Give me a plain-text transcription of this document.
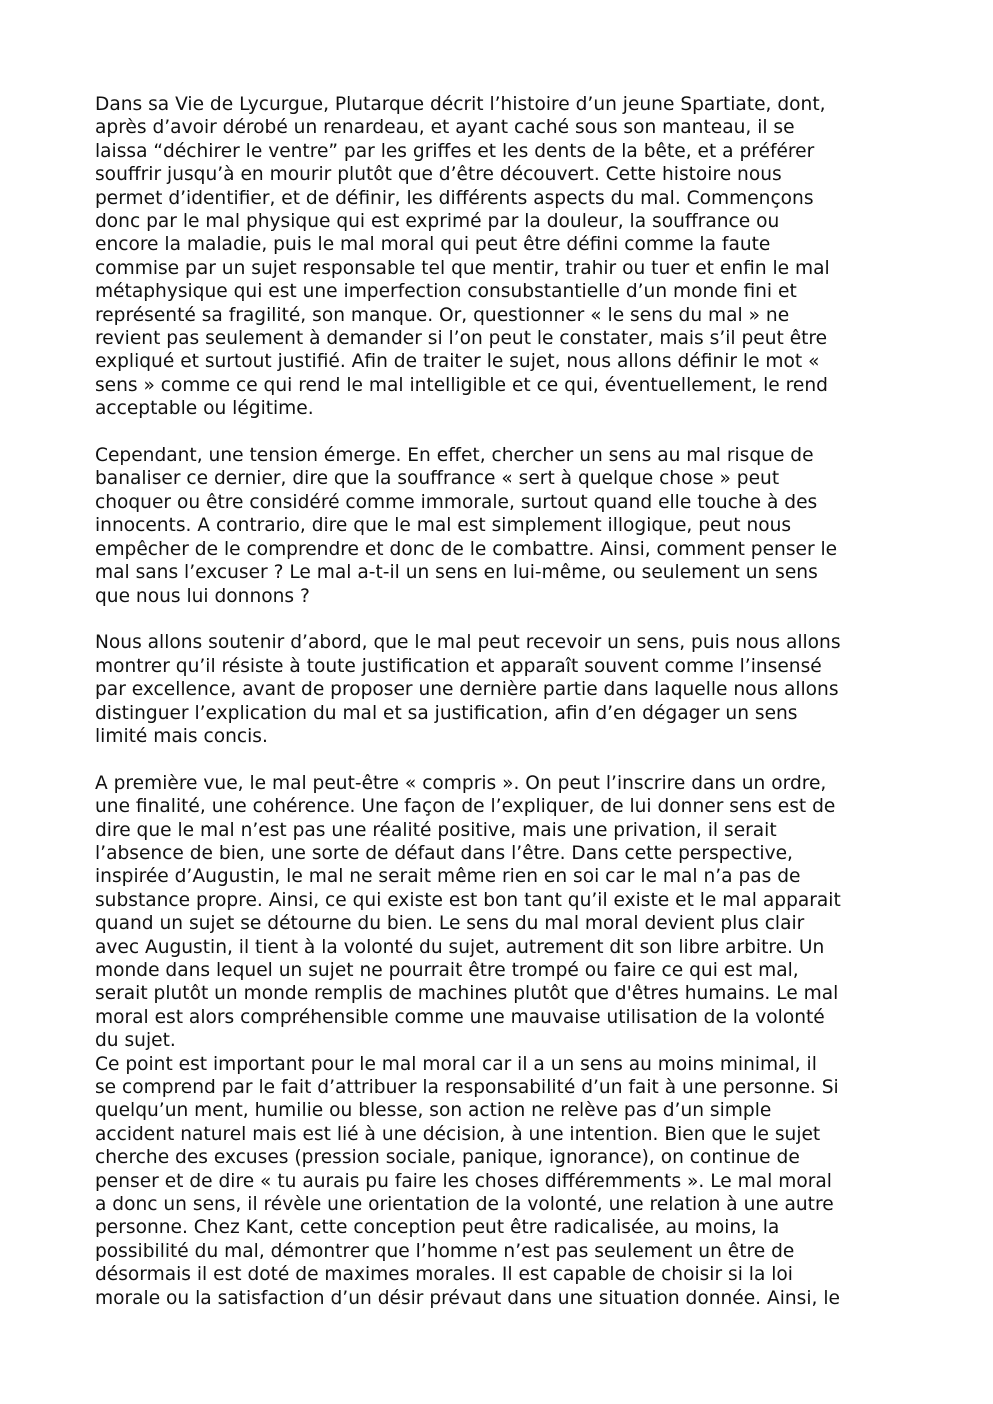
Dans sa Vie de Lycurgue, Plutarque décrit l’histoire d’un jeune Spartiate, dont,
après d’avoir dérobé un renardeau, et ayant caché sous son manteau, il se
laissa “déchirer le ventre” par les griffes et les dents de la bête, et a préférer
souffrir jusqu’à en mourir plutôt que d’être découvert. Cette histoire nous
permet d’identifier, et de définir, les différents aspects du mal. Commençons
donc par le mal physique qui est exprimé par la douleur, la souffrance ou
encore la maladie, puis le mal moral qui peut être défini comme la faute
commise par un sujet responsable tel que mentir, trahir ou tuer et enfin le mal
métaphysique qui est une imperfection consubstantielle d’un monde fini et
représenté sa fragilité, son manque. Or, questionner « le sens du mal » ne
revient pas seulement à demander si l’on peut le constater, mais s’il peut être
expliqué et surtout justifié. Afin de traiter le sujet, nous allons définir le mot «
sens » comme ce qui rend le mal intelligible et ce qui, éventuellement, le rend
acceptable ou légitime.

Cependant, une tension émerge. En effet, chercher un sens au mal risque de
banaliser ce dernier, dire que la souffrance « sert à quelque chose » peut
choquer ou être considéré comme immorale, surtout quand elle touche à des
innocents. A contrario, dire que le mal est simplement illogique, peut nous
empêcher de le comprendre et donc de le combattre. Ainsi, comment penser le
mal sans l’excuser ? Le mal a-t-il un sens en lui-même, ou seulement un sens
que nous lui donnons ?

Nous allons soutenir d’abord, que le mal peut recevoir un sens, puis nous allons
montrer qu’il résiste à toute justification et apparaît souvent comme l’insensé
par excellence, avant de proposer une dernière partie dans laquelle nous allons
distinguer l’explication du mal et sa justification, afin d’en dégager un sens
limité mais concis.

A première vue, le mal peut-être « compris ». On peut l’inscrire dans un ordre,
une finalité, une cohérence. Une façon de l’expliquer, de lui donner sens est de
dire que le mal n’est pas une réalité positive, mais une privation, il serait
l’absence de bien, une sorte de défaut dans l’être. Dans cette perspective,
inspirée d’Augustin, le mal ne serait même rien en soi car le mal n’a pas de
substance propre. Ainsi, ce qui existe est bon tant qu’il existe et le mal apparait
quand un sujet se détourne du bien. Le sens du mal moral devient plus clair
avec Augustin, il tient à la volonté du sujet, autrement dit son libre arbitre. Un
monde dans lequel un sujet ne pourrait être trompé ou faire ce qui est mal,
serait plutôt un monde remplis de machines plutôt que d'êtres humains. Le mal
moral est alors compréhensible comme une mauvaise utilisation de la volonté
du sujet.

Ce point est important pour le mal moral car il a un sens au moins minimal, il
se comprend par le fait d’attribuer la responsabilité d’un fait à une personne. Si
quelqu’un ment, humilie ou blesse, son action ne relève pas d’un simple
accident naturel mais est lié à une décision, à une intention. Bien que le sujet
cherche des excuses (pression sociale, panique, ignorance), on continue de
penser et de dire « tu aurais pu faire les choses différemments ». Le mal moral
a donc un sens, il révèle une orientation de la volonté, une relation à une autre
personne. Chez Kant, cette conception peut être radicalisée, au moins, la
possibilité du mal, démontrer que l’homme n’est pas seulement un être de
désormais il est doté de maximes morales. Il est capable de choisir si la loi
morale ou la satisfaction d’un désir prévaut dans une situation donnée. Ainsi, le
